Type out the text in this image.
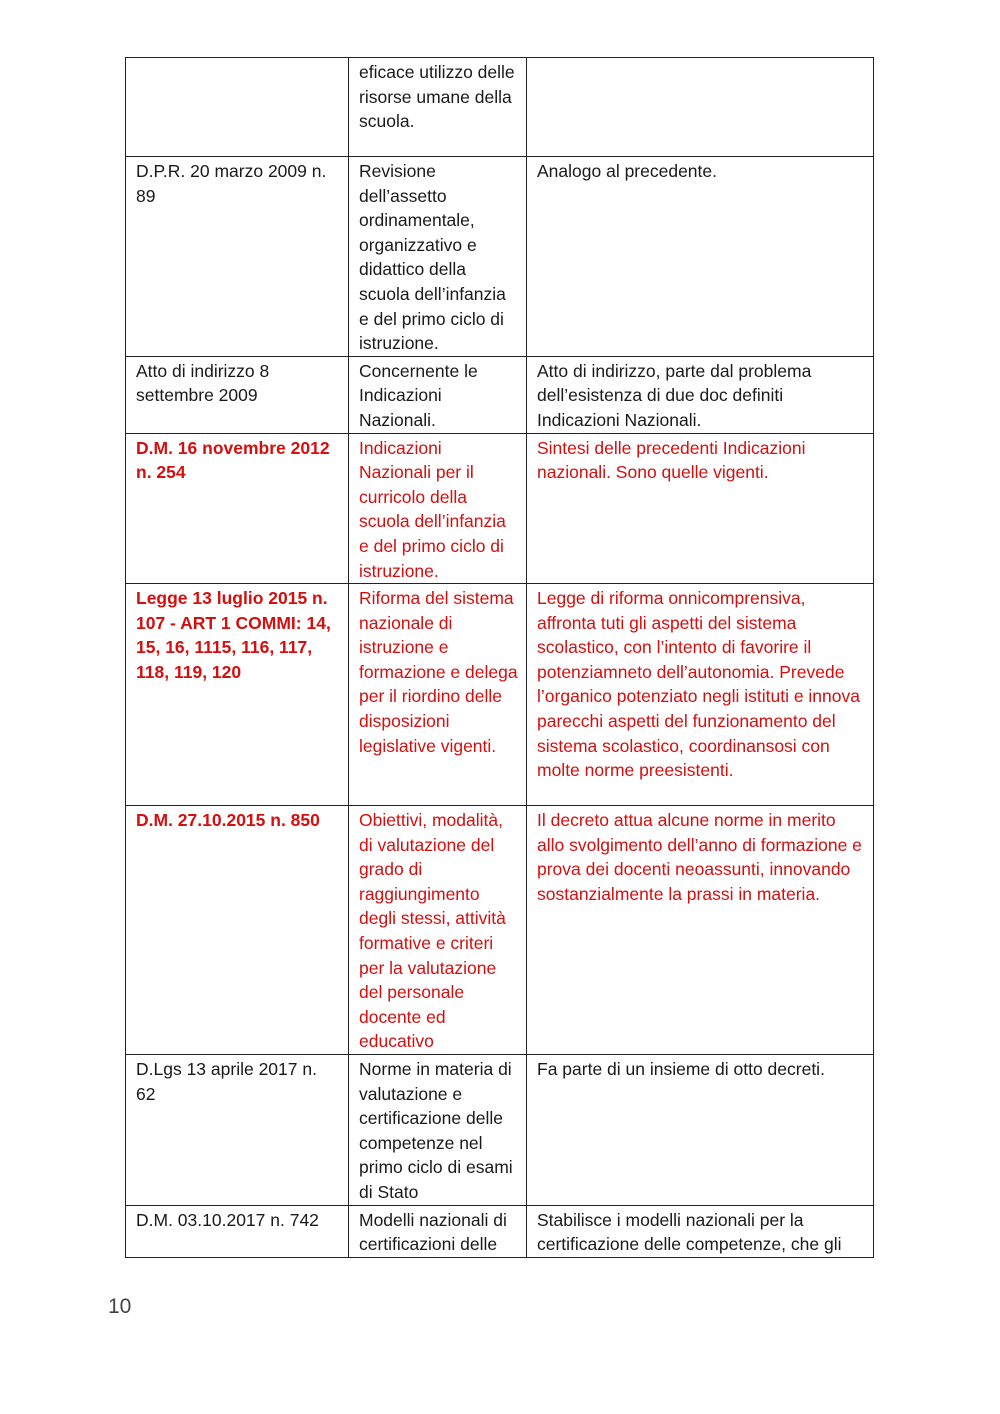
	eﬁcace utilizzo delle risorse umane della scuola.	

D.P.R. 20 marzo 2009 n. 89	Revisione dell’assetto ordinamentale, organizzativo e didattico della scuola dell’infanzia e del primo ciclo di istruzione.	Analogo al precedente.

Atto di indirizzo 8 settembre 2009	Concernente le Indicazioni Nazionali.	Atto di indirizzo, parte dal problema dell’esistenza di due doc definiti Indicazioni Nazionali.

D.M. 16 novembre 2012 n. 254	Indicazioni Nazionali per il curricolo della scuola dell’infanzia e del primo ciclo di istruzione.	Sintesi delle precedenti Indicazioni nazionali. Sono quelle vigenti.

Legge 13 luglio 2015 n. 107 - ART 1 COMMI: 14, 15, 16, 1115, 116, 117, 118, 119, 120	Riforma del sistema nazionale di istruzione e formazione e delega per il riordino delle disposizioni legislative vigenti.	Legge di riforma onnicomprensiva, affronta tuti gli aspetti del sistema scolastico, con l’intento di favorire il potenziamneto dell’autonomia. Prevede l’organico potenziato negli istituti e innova parecchi aspetti del funzionamento del sistema scolastico, coordinansosi con molte norme preesistenti.

D.M. 27.10.2015 n. 850	Obiettivi, modalità, di valutazione del grado di raggiungimento degli stessi, attività formative e criteri per la valutazione del personale docente ed educativo	Il decreto attua alcune norme in merito allo svolgimento dell’anno di formazione e prova dei docenti neoassunti, innovando sostanzialmente la prassi in materia.

D.Lgs 13 aprile 2017 n. 62	Norme in materia di valutazione e certificazione delle competenze nel primo ciclo di esami di Stato	Fa parte di un insieme di otto decreti.

D.M. 03.10.2017 n. 742	Modelli nazionali di certificazioni delle	Stabilisce i modelli nazionali per la certificazione delle competenze, che gli

10
